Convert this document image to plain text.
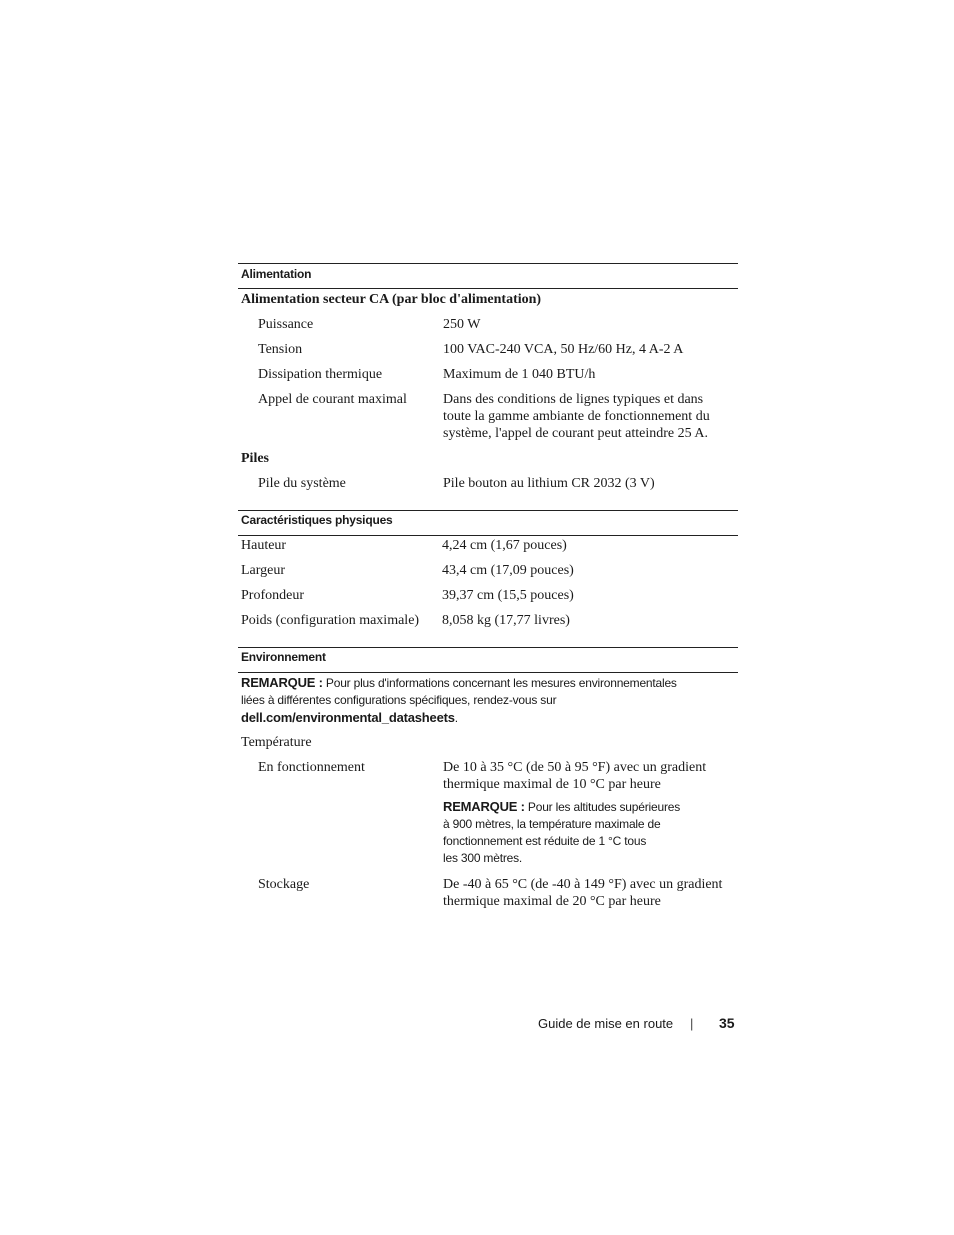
Alimentation
Alimentation secteur CA (par bloc d'alimentation)
Puissance	250 W
Tension	100 VAC-240 VCA, 50 Hz/60 Hz, 4 A-2 A
Dissipation thermique	Maximum de 1 040 BTU/h
Appel de courant maximal	Dans des conditions de lignes typiques et dans
toute la gamme ambiante de fonctionnement du
système, l'appel de courant peut atteindre 25 A.
Piles
Pile du système	Pile bouton au lithium CR 2032 (3 V)
Caractéristiques physiques
Hauteur	4,24 cm (1,67 pouces)
Largeur	43,4 cm (17,09 pouces)
Profondeur	39,37 cm (15,5 pouces)
Poids (configuration maximale) 8,058 kg (17,77 livres)
Environnement
REMARQUE : Pour plus d'informations concernant les mesures environnementales
liées à différentes configurations spécifiques, rendez-vous sur
dell.com/environmental_datasheets.
Température
En fonctionnement	De 10 à 35 °C (de 50 à 95 °F) avec un gradient
thermique maximal de 10 °C par heure
REMARQUE : Pour les altitudes supérieures
à 900 mètres, la température maximale de
fonctionnement est réduite de 1 °C tous
les 300 mètres.
Stockage	De -40 à 65 °C (de -40 à 149 °F) avec un gradient
thermique maximal de 20 °C par heure
Guide de mise en route | 35
